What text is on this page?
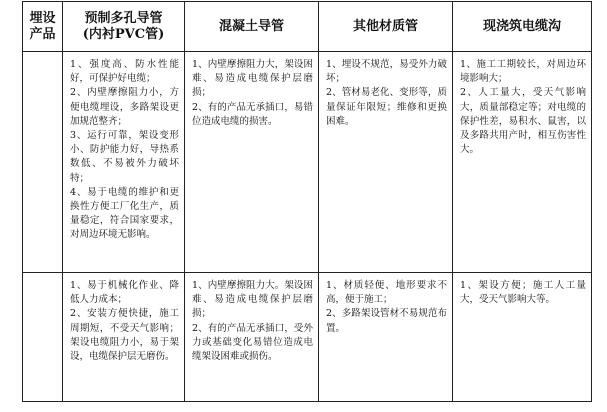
埋设
产品	预制多孔导管
(内衬PVC管)	混凝土导管	其他材质管	现浇筑电缆沟

	1、强度高、防水性能好，可保护好电缆；
2、内壁摩擦阻力小，方便电缆埋设，多路架设更加规范整齐；
3、运行可靠，架设变形小、防护能力好，导热系数低、不易被外力破坏特；
4、易于电缆的维护和更换性方便工厂化生产，质量稳定，符合国家要求，对周边环境无影响。	1、内壁摩擦阻力大，架设困难、易造成电缆保护层磨损；
2、有的产品无承插口，易错位造成电缆的损害。	1、埋设不规范，易受外力破坏；
2、管材易老化、变形等，质量保证年限短；维修和更换困难。	1、施工工期较长，对周边环境影响大；
2、人工量大，受天气影响大，质量部稳定等；对电缆的保护性差，易积水、鼠害，以及多路共用产时，相互伤害性大。

	1、易于机械化作业、降低人力成本；
2、安装方便快捷，施工周期短，不受天气影响；架设电缆阻力小，易于架设，电缆保护层无磨伤。	1、内壁摩擦阻力大。架设困难、易造成电缆保护层磨损；
2、有的产品无承插口，受外力或基础变化易错位造成电缆架设困难或损伤。	1、材质轻便、地形要求不高，便于施工；
2、多路架设管材不易规范布置。	1、架设方便；施工人工量大，受天气影响大等。
